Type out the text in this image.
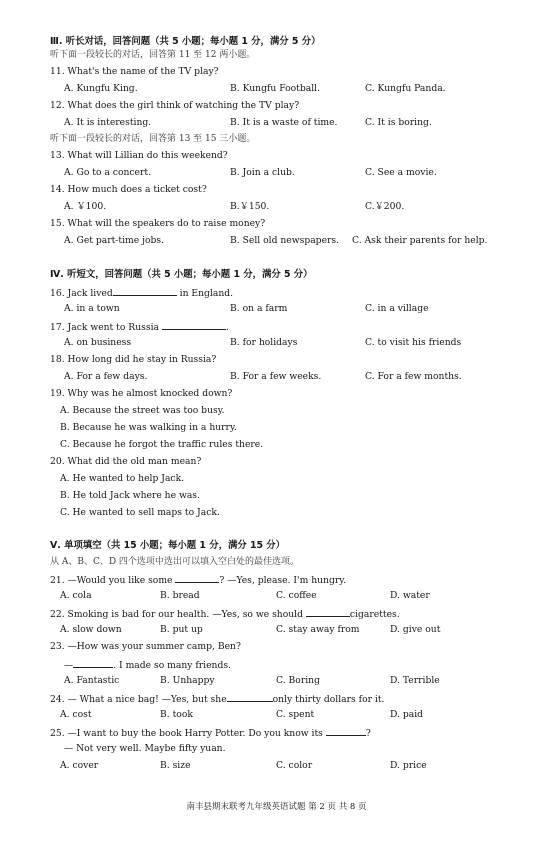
Ⅲ. 听长对话，回答问题（共 5 小题；每小题 1 分，满分 5 分）
听下面一段较长的对话，回答第 11 至 12 两小题。
11. What's the name of the TV play?
A. Kungfu King.	B. Kungfu Football.	C. Kungfu Panda.
12. What does the girl think of watching the TV play?
A. It is interesting.	B. It is a waste of time.	C. It is boring.
听下面一段较长的对话，回答第 13 至 15 三小题。
13. What will Lillian do this weekend?
A. Go to a concert.	B. Join a club.	C. See a movie.
14. How much does a ticket cost?
A. ￥100.	B.￥150.	C.￥200.
15. What will the speakers do to raise money?
A. Get part-time jobs.	B. Sell old newspapers. C. Ask their parents for help.
Ⅳ. 听短文，回答问题（共 5 小题；每小题 1 分，满分 5 分）
16. Jack lived	in England.
A. in a town	B. on a farm	C. in a village
17. Jack went to Russia	.
A. on business	B. for holidays	C. to visit his friends
18. How long did he stay in Russia?
A. For a few days.	B. For a few weeks.	C. For a few months.
19. Why was he almost knocked down?
A. Because the street was too busy.
B. Because he was walking in a hurry.
C. Because he forgot the traffic rules there.
20. What did the old man mean?
A. He wanted to help Jack.
B. He told Jack where he was.
C. He wanted to sell maps to Jack.
Ⅴ. 单项填空（共 15 小题；每小题 1 分，满分 15 分）
从 A、B、C、D 四个选项中选出可以填入空白处的最佳选项。
21. —Would you like some	? —Yes, please. I'm hungry.
A. cola	B. bread	C. coffee	D. water
22. Smoking is bad for our health. —Yes, so we should	cigarettes.
A. slow down	B. put up	C. stay away from	D. give out
23. —How was your summer camp, Ben?
—	. I made so many friends.
A. Fantastic	B. Unhappy	C. Boring	D. Terrible
24. — What a nice bag! —Yes, but she	only thirty dollars for it.
A. cost	B. took	C. spent	D. paid
25. —I want to buy the book Harry Potter. Do you know its	?
— Not very well. Maybe fifty yuan.
A. cover	B. size	C. color	D. price
南丰县期末联考九年级英语试题 第 2 页 共 8 页
